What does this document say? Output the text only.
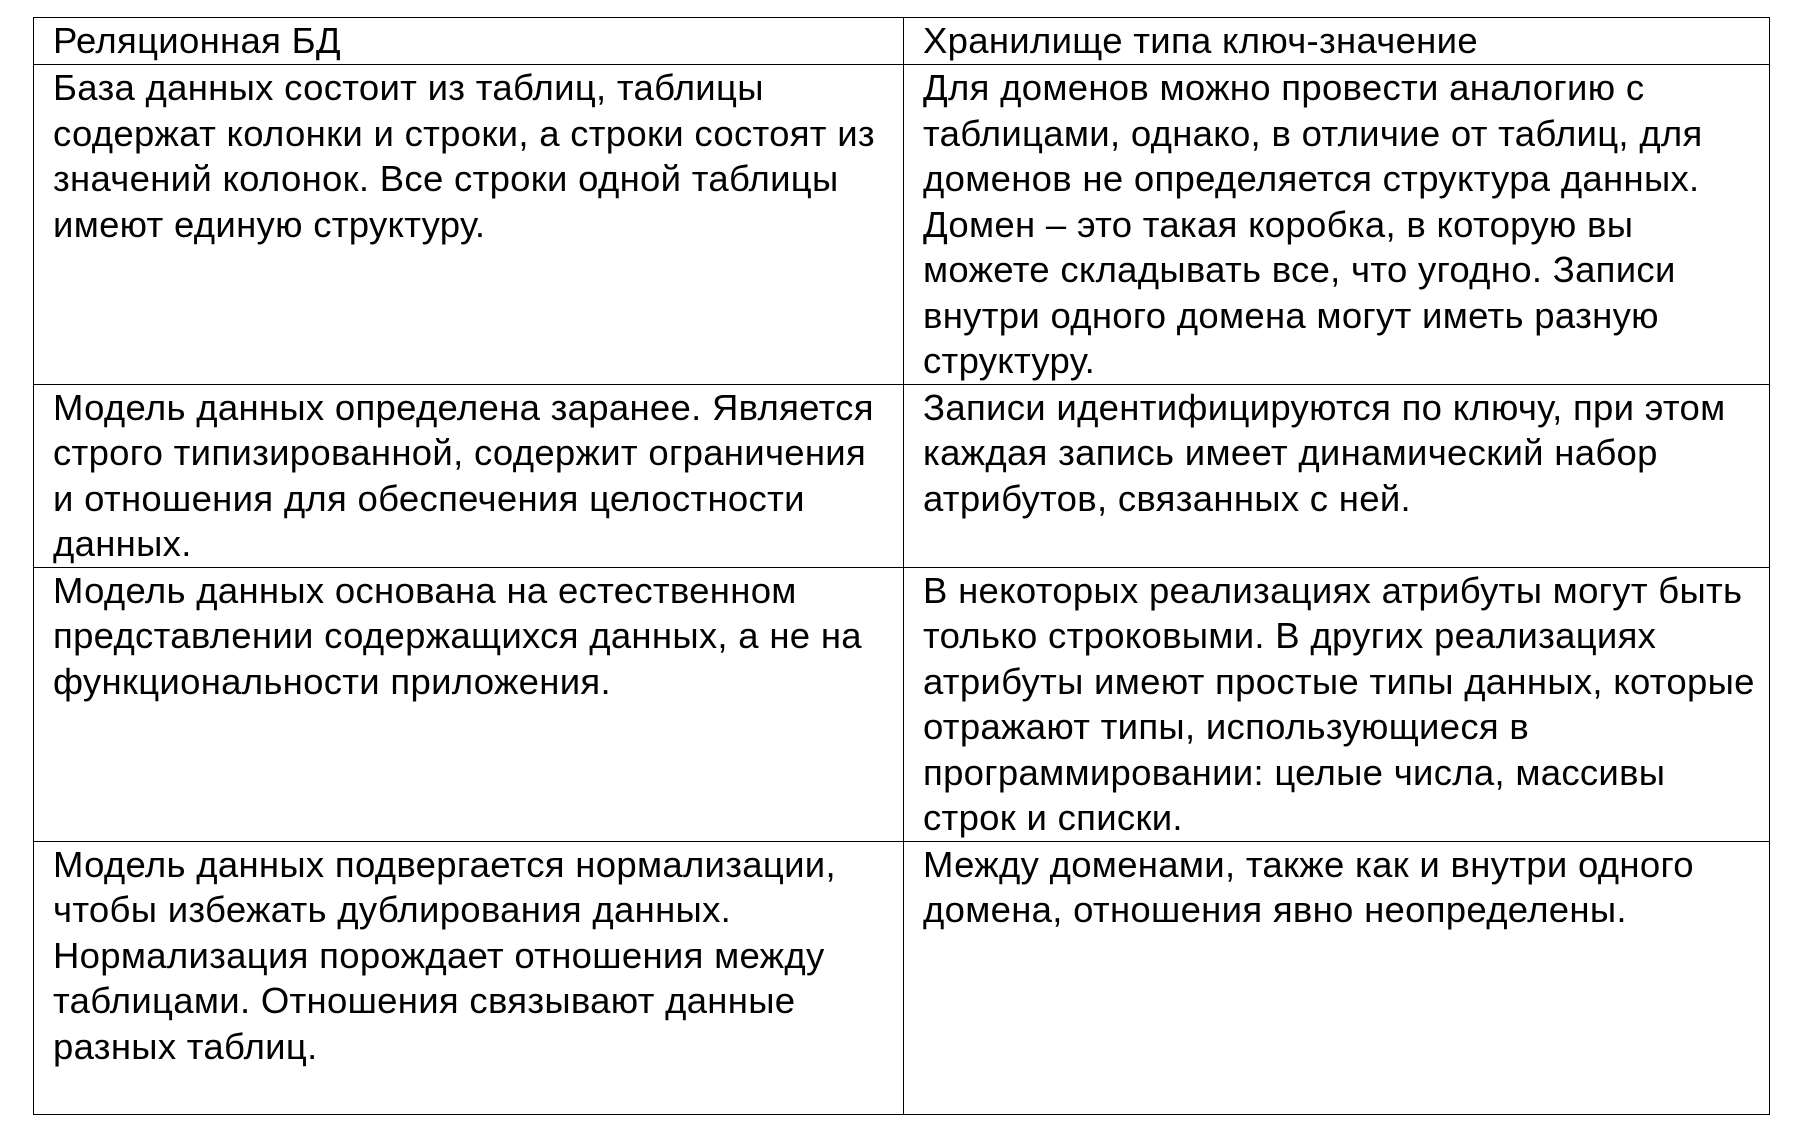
Реляционная БД	Хранилище типа ключ-значение
База данных состоит из таблиц, таблицы содержат колонки и строки, а строки состоят из значений колонок. Все строки одной таблицы имеют единую структуру.	Для доменов можно провести аналогию с таблицами, однако, в отличие от таблиц, для доменов не определяется структура данных. Домен – это такая коробка, в которую вы можете складывать все, что угодно. Записи внутри одного домена могут иметь разную структуру.
Модель данных определена заранее. Является строго типизированной, содержит ограничения и отношения для обеспечения целостности данных.	Записи идентифицируются по ключу, при этом каждая запись имеет динамический набор атрибутов, связанных с ней.
Модель данных основана на естественном представлении содержащихся данных, а не на функциональности приложения.	В некоторых реализациях атрибуты могут быть только строковыми. В других реализациях атрибуты имеют простые типы данных, которые отражают типы, использующиеся в программировании: целые числа, массивы строк и списки.
Модель данных подвергается нормализации, чтобы избежать дублирования данных. Нормализация порождает отношения между таблицами. Отношения связывают данные разных таблиц.	Между доменами, также как и внутри одного домена, отношения явно неопределены.
